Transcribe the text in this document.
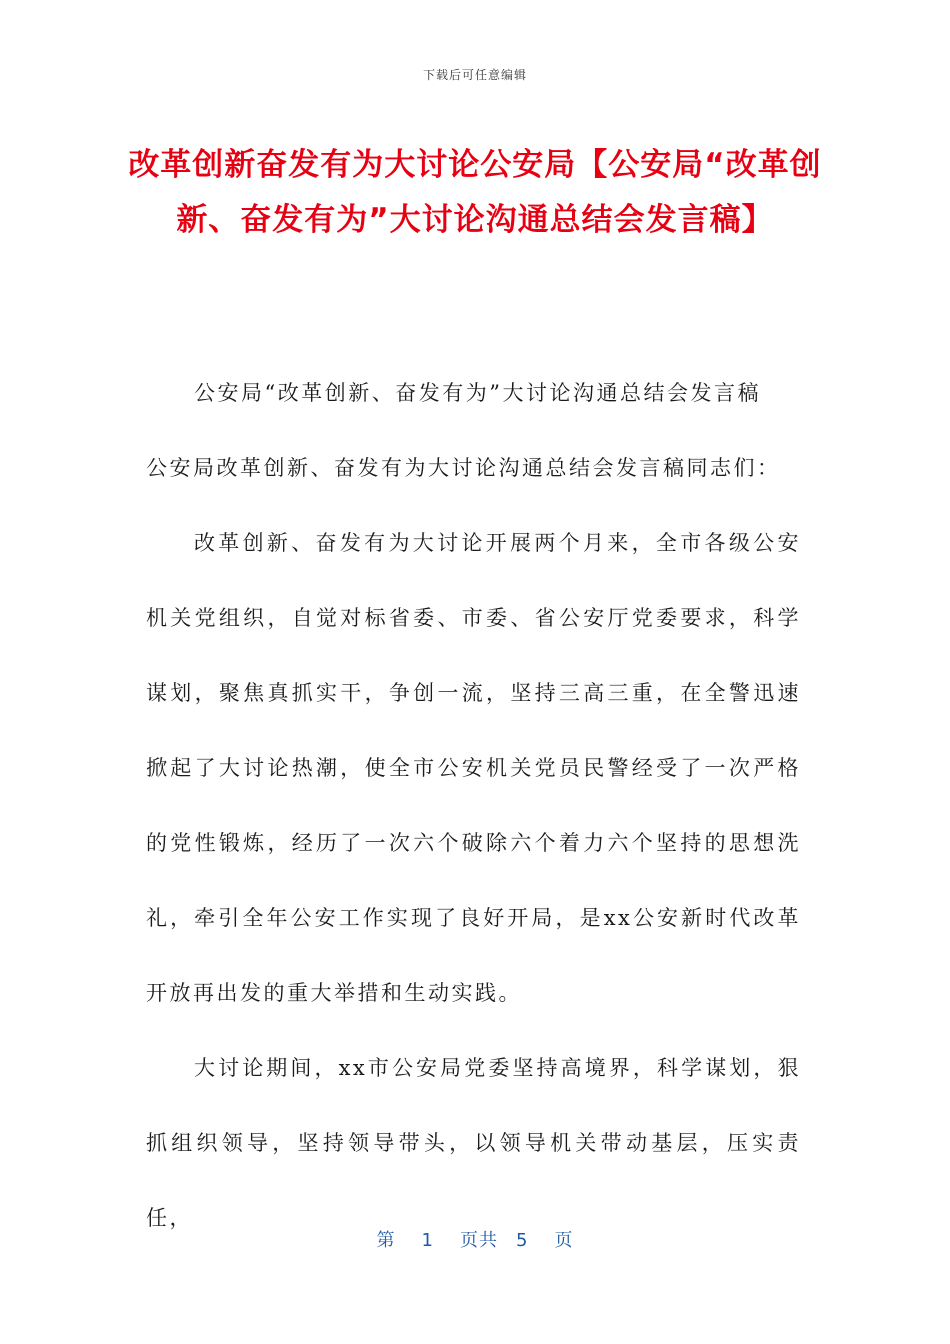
下载后可任意编辑
改革创新奋发有为大讨论公安局【公安局“改革创新、奋发有为”大讨论沟通总结会发言稿】

公安局“改革创新、奋发有为”大讨论沟通总结会发言稿

公安局改革创新、奋发有为大讨论沟通总结会发言稿同志们：

改革创新、奋发有为大讨论开展两个月来，全市各级公安机关党组织，自觉对标省委、市委、省公安厅党委要求，科学谋划，聚焦真抓实干，争创一流，坚持三高三重，在全警迅速掀起了大讨论热潮，使全市公安机关党员民警经受了一次严格的党性锻炼，经历了一次六个破除六个着力六个坚持的思想洗礼，牵引全年公安工作实现了良好开局，是xx公安新时代改革开放再出发的重大举措和生动实践。

大讨论期间，xx市公安局党委坚持高境界，科学谋划，狠抓组织领导，坚持领导带头，以领导机关带动基层，压实责任，

第 1 页共 5 页
